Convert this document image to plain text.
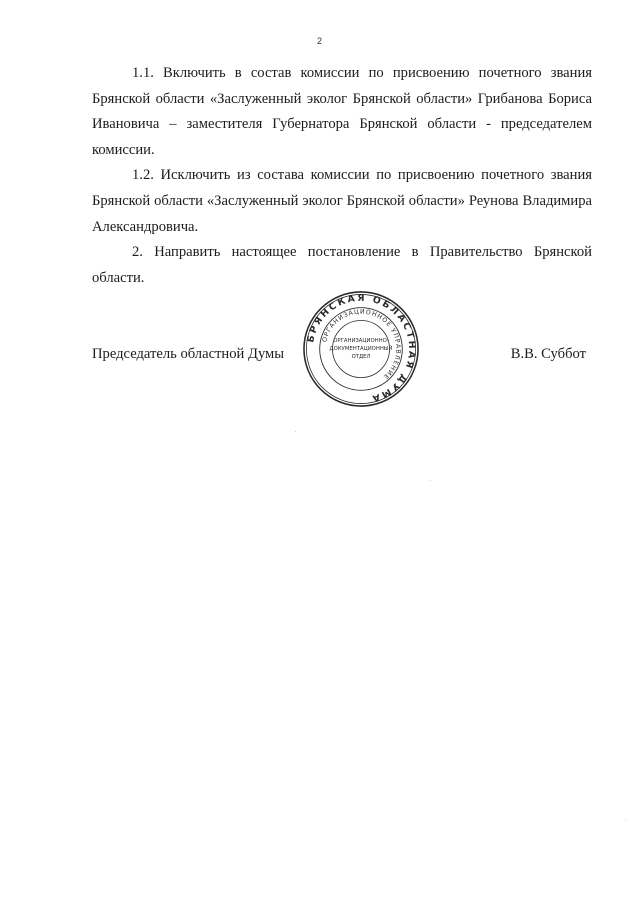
2

1.1. Включить в состав комиссии по присвоению почетного звания Брянской области «Заслуженный эколог Брянской области» Грибанова Бориса Ивановича – заместителя Губернатора Брянской области - председателем комиссии.

1.2. Исключить из состава комиссии по присвоению почетного звания Брянской области «Заслуженный эколог Брянской области» Реунова Владимира Александровича.

2. Направить настоящее постановление в Правительство Брянской области.

Председатель областной Думы	В.В. Суббот
БРЯНСКАЯ ОБЛАСТНАЯ ДУМА
ОРГАНИЗАЦИОННОЕ УПРАВЛЕНИЕ
ОРГАНИЗАЦИОННО-
ДОКУМЕНТАЦИОННЫЙ
ОТДЕЛ
